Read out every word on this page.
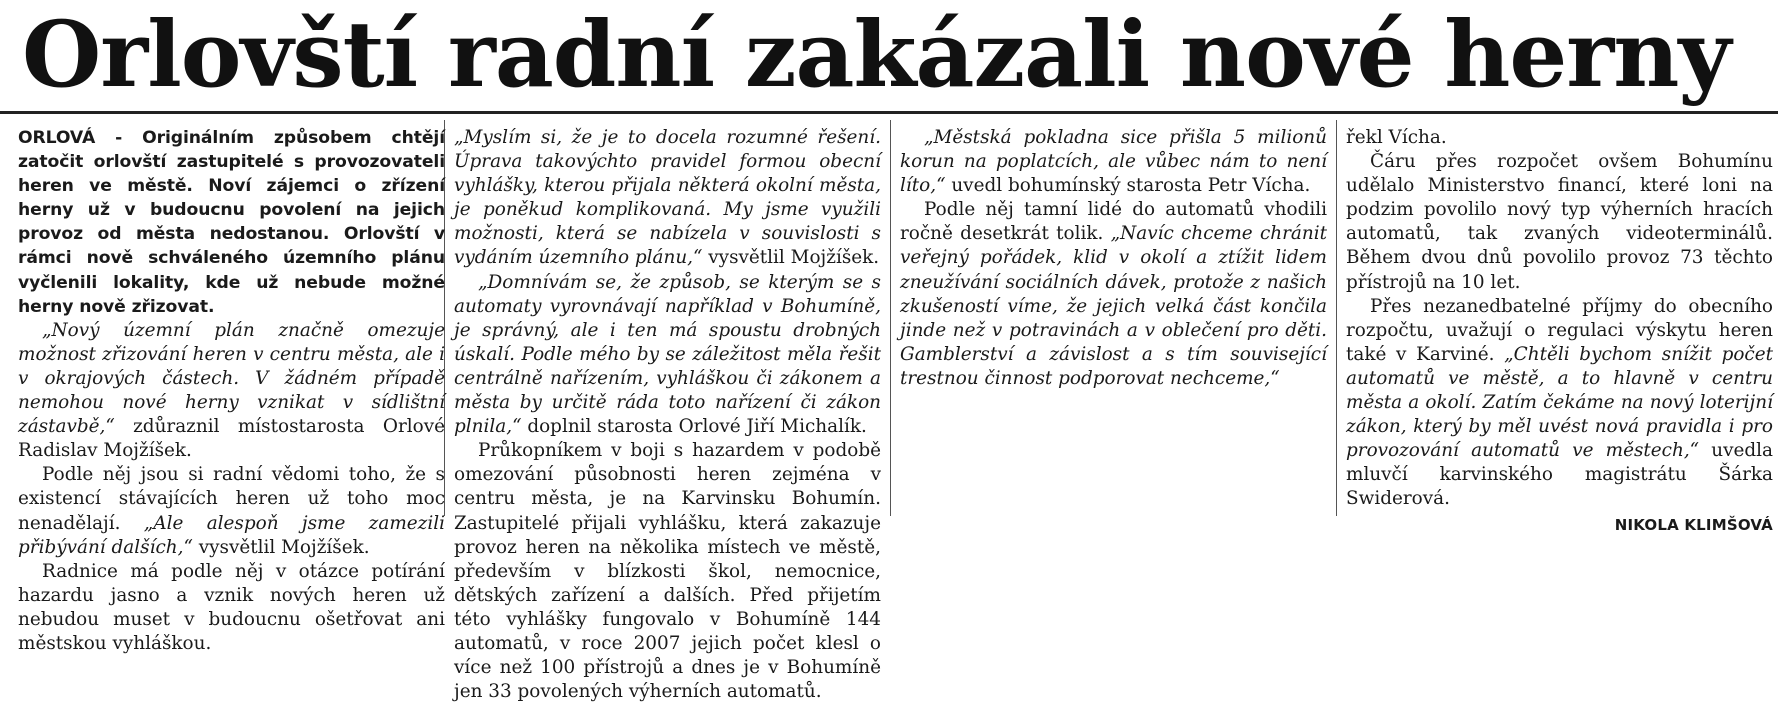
Orlovští radní zakázali nové herny

ORLOVÁ - Originálním způsobem chtějí zatočit orlovští zastupitelé s provozovateli heren ve městě. Noví zájemci o zřízení herny už v budoucnu povolení na jejich provoz od města nedostanou. Orlovští v rámci nově schváleného územního plánu vyčlenili lokality, kde už nebude možné herny nově zřizovat.

„Nový územní plán značně omezuje možnost zřizování heren v centru města, ale i v okrajových částech. V žádném případě nemohou nové herny vznikat v sídlištní zástavbě,“ zdůraznil místostarosta Orlové Radislav Mojžíšek.

Podle něj jsou si radní vědomi toho, že s existencí stávajících heren už toho moc nenadělají. „Ale alespoň jsme zamezili přibývání dalších,“ vysvětlil Mojžíšek.

Radnice má podle něj v otázce potírání hazardu jasno a vznik nových heren už nebudou muset v budoucnu ošetřovat ani městskou vyhláškou.

„Myslím si, že je to docela rozumné řešení. Úprava takovýchto pravidel formou obecní vyhlášky, kterou přijala některá okolní města, je poněkud komplikovaná. My jsme využili možnosti, která se nabízela v souvislosti s vydáním územního plánu,“ vysvětlil Mojžíšek.

„Domnívám se, že způsob, se kterým se s automaty vyrovnávají například v Bohumíně, je správný, ale i ten má spoustu drobných úskalí. Podle mého by se záležitost měla řešit centrálně nařízením, vyhláškou či zákonem a města by určitě ráda toto nařízení či zákon plnila,“ doplnil starosta Orlové Jiří Michalík.

Průkopníkem v boji s hazardem v podobě omezování působnosti heren zejména v centru města, je na Karvinsku Bohumín. Zastupitelé přijali vyhlášku, která zakazuje provoz heren na několika místech ve městě, především v blízkosti škol, nemocnice, dětských zařízení a dalších. Před přijetím této vyhlášky fungovalo v Bohumíně 144 automatů, v roce 2007 jejich počet klesl o více než 100 přístrojů a dnes je v Bohumíně jen 33 povolených výherních automatů.

„Městská pokladna sice přišla 5 milionů korun na poplatcích, ale vůbec nám to není líto,“ uvedl bohumínský starosta Petr Vícha.

Podle něj tamní lidé do automatů vhodili ročně desetkrát tolik. „Navíc chceme chránit veřejný pořádek, klid v okolí a ztížit lidem zneužívání sociálních dávek, protože z našich zkušeností víme, že jejich velká část končila jinde než v potravinách a v oblečení pro děti. Gamblerství a závislost a s tím související trestnou činnost podporovat nechceme,“

řekl Vícha.

Čáru přes rozpočet ovšem Bohumínu udělalo Ministerstvo financí, které loni na podzim povolilo nový typ výherních hracích automatů, tak zvaných videoterminálů. Během dvou dnů povolilo provoz 73 těchto přístrojů na 10 let.

Přes nezanedbatelné příjmy do obecního rozpočtu, uvažují o regulaci výskytu heren také v Karviné. „Chtěli bychom snížit počet automatů ve městě, a to hlavně v centru města a okolí. Zatím čekáme na nový loterijní zákon, který by měl uvést nová pravidla i pro provozování automatů ve městech,“ uvedla mluvčí karvinského magistrátu Šárka Swiderová.

NIKOLA KLIMŠOVÁ
